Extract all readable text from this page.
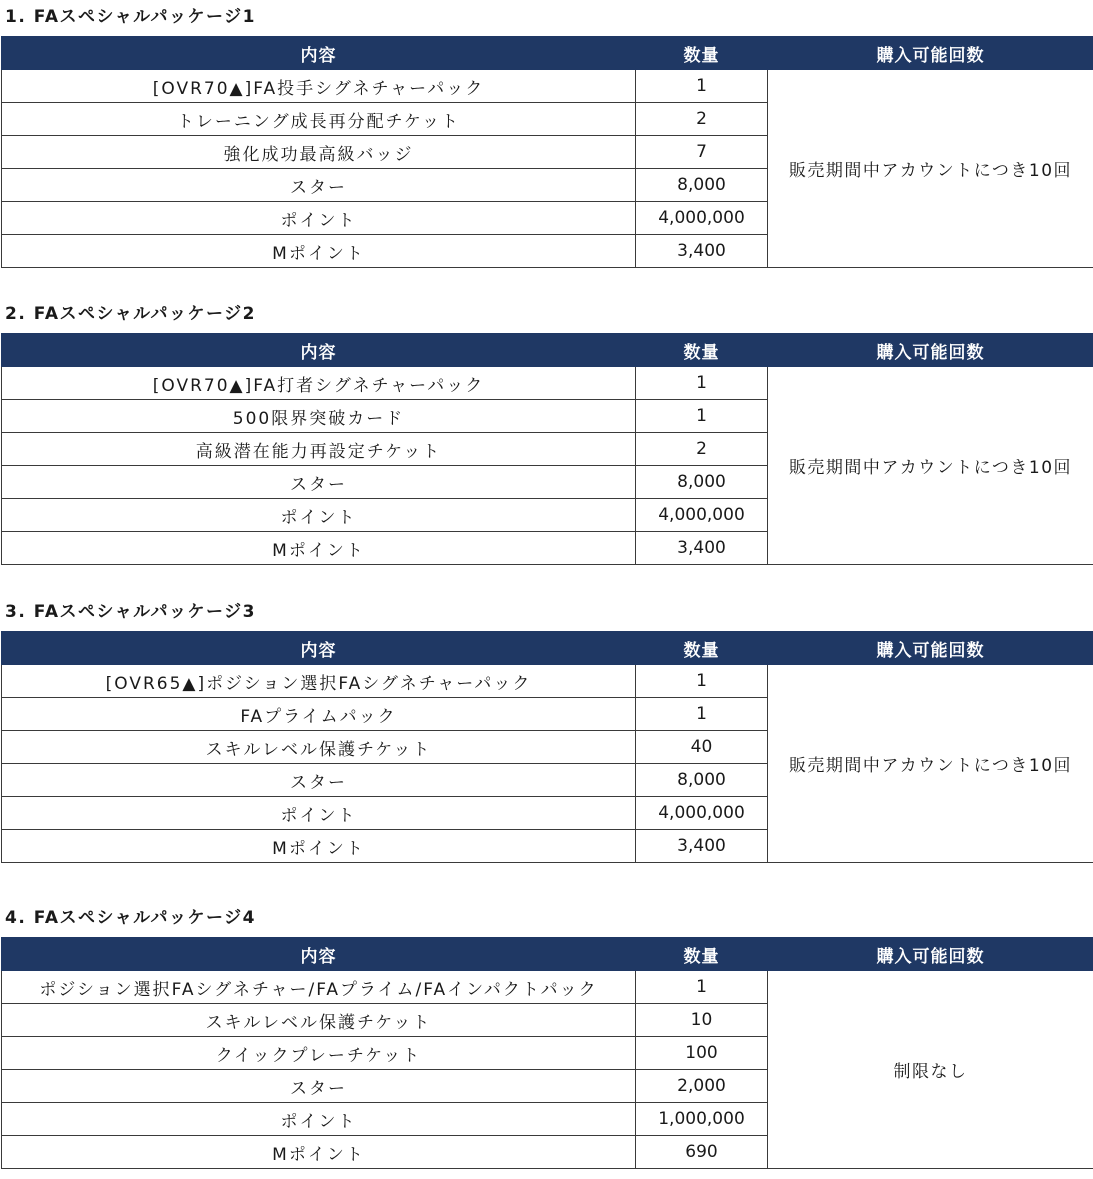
1. FAスペシャルパッケージ1
内容	数量	購入可能回数
[OVR70▲]FA投手シグネチャーパック	1	販売期間中アカウントにつき10回
トレーニング成長再分配チケット	2	
強化成功最高級バッジ	7	
スター	8,000	
ポイント	4,000,000	
Mポイント	3,400	
2. FAスペシャルパッケージ2
内容	数量	購入可能回数
[OVR70▲]FA打者シグネチャーパック	1	販売期間中アカウントにつき10回
500限界突破カード	1	
高級潜在能力再設定チケット	2	
スター	8,000	
ポイント	4,000,000	
Mポイント	3,400	
3. FAスペシャルパッケージ3
内容	数量	購入可能回数
[OVR65▲]ポジション選択FAシグネチャーパック	1	販売期間中アカウントにつき10回
FAプライムパック	1	
スキルレベル保護チケット	40	
スター	8,000	
ポイント	4,000,000	
Mポイント	3,400	
4. FAスペシャルパッケージ4
内容	数量	購入可能回数
ポジション選択FAシグネチャー/FAプライム/FAインパクトパック	1	制限なし
スキルレベル保護チケット	10	
クイックプレーチケット	100	
スター	2,000	
ポイント	1,000,000	
Mポイント	690	
